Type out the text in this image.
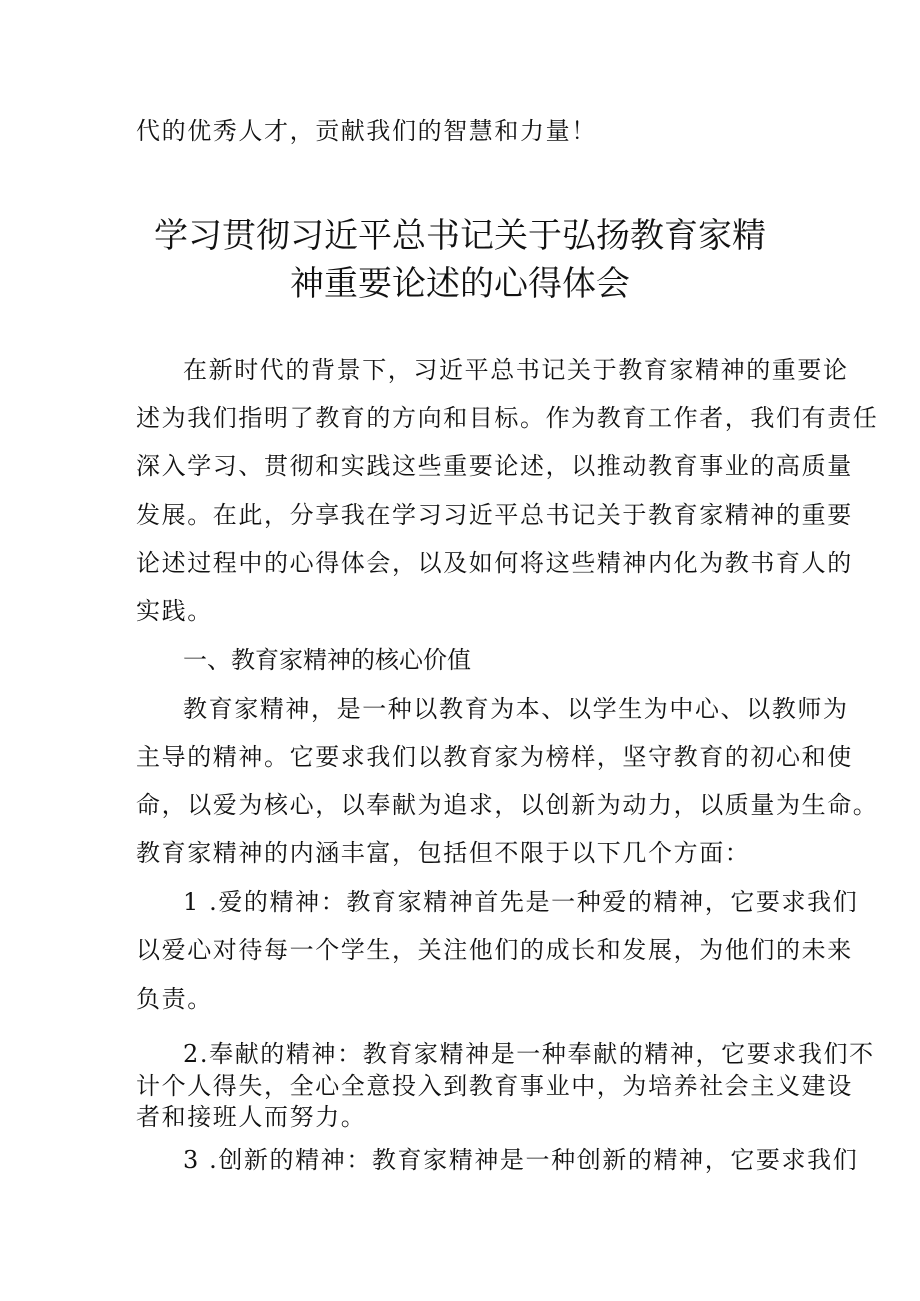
代的优秀人才，贡献我们的智慧和力量！
学习贯彻习近平总书记关于弘扬教育家精
神重要论述的心得体会
在新时代的背景下，习近平总书记关于教育家精神的重要论
述为我们指明了教育的方向和目标。作为教育工作者，我们有责任
深入学习、贯彻和实践这些重要论述，以推动教育事业的高质量
发展。在此，分享我在学习习近平总书记关于教育家精神的重要
论述过程中的心得体会，以及如何将这些精神内化为教书育人的
实践。
一、教育家精神的核心价值
教育家精神，是一种以教育为本、以学生为中心、以教师为
主导的精神。它要求我们以教育家为榜样，坚守教育的初心和使
命，以爱为核心，以奉献为追求，以创新为动力，以质量为生命。
教育家精神的内涵丰富，包括但不限于以下几个方面：
1 .爱的精神：教育家精神首先是一种爱的精神，它要求我们
以爱心对待每一个学生，关注他们的成长和发展，为他们的未来
负责。
2.奉献的精神：教育家精神是一种奉献的精神，它要求我们不
计个人得失，全心全意投入到教育事业中，为培养社会主义建设
者和接班人而努力。
3 .创新的精神：教育家精神是一种创新的精神，它要求我们
